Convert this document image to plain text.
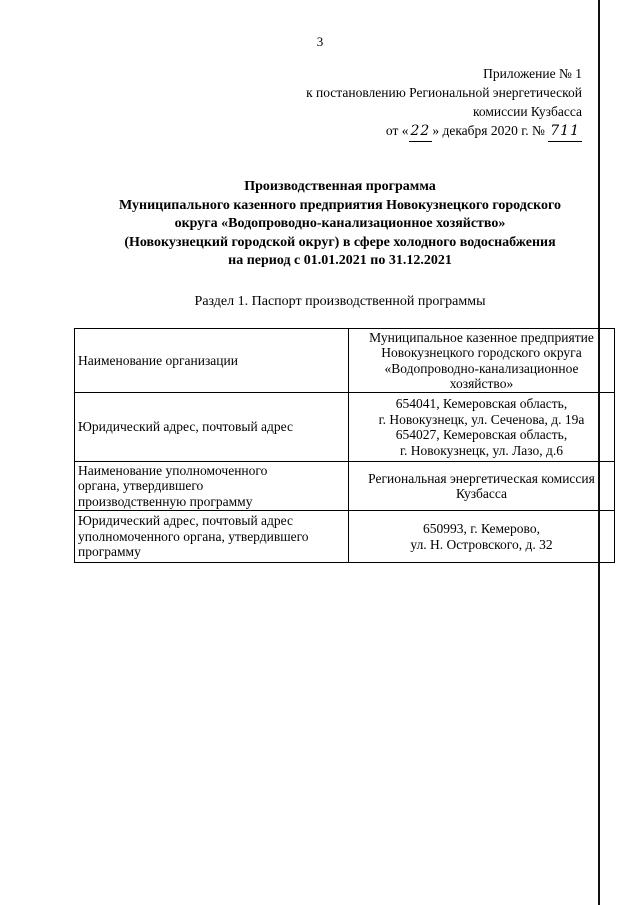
3
Приложение № 1
к постановлению Региональной энергетической
комиссии Кузбасса
от « 22 » декабря 2020 г. № 711
Производственная программа
Муниципального казенного предприятия Новокузнецкого городского
округа «Водопроводно-канализационное хозяйство»
(Новокузнецкий городской округ) в сфере холодного водоснабжения
на период с 01.01.2021 по 31.12.2021
Раздел 1. Паспорт производственной программы
Наименование организации	Муниципальное казенное предприятие
Новокузнецкого городского округа
«Водопроводно-канализационное
хозяйство»

Юридический адрес, почтовый адрес	654041, Кемеровская область,
г. Новокузнецк, ул. Сеченова, д. 19а
654027, Кемеровская область,
г. Новокузнецк, ул. Лазо, д.6

Наименование уполномоченного
органа, утвердившего
производственную программу	Региональная энергетическая комиссия
Кузбасса

Юридический адрес, почтовый адрес
уполномоченного органа, утвердившего
программу	650993, г. Кемерово,
ул. Н. Островского, д. 32
